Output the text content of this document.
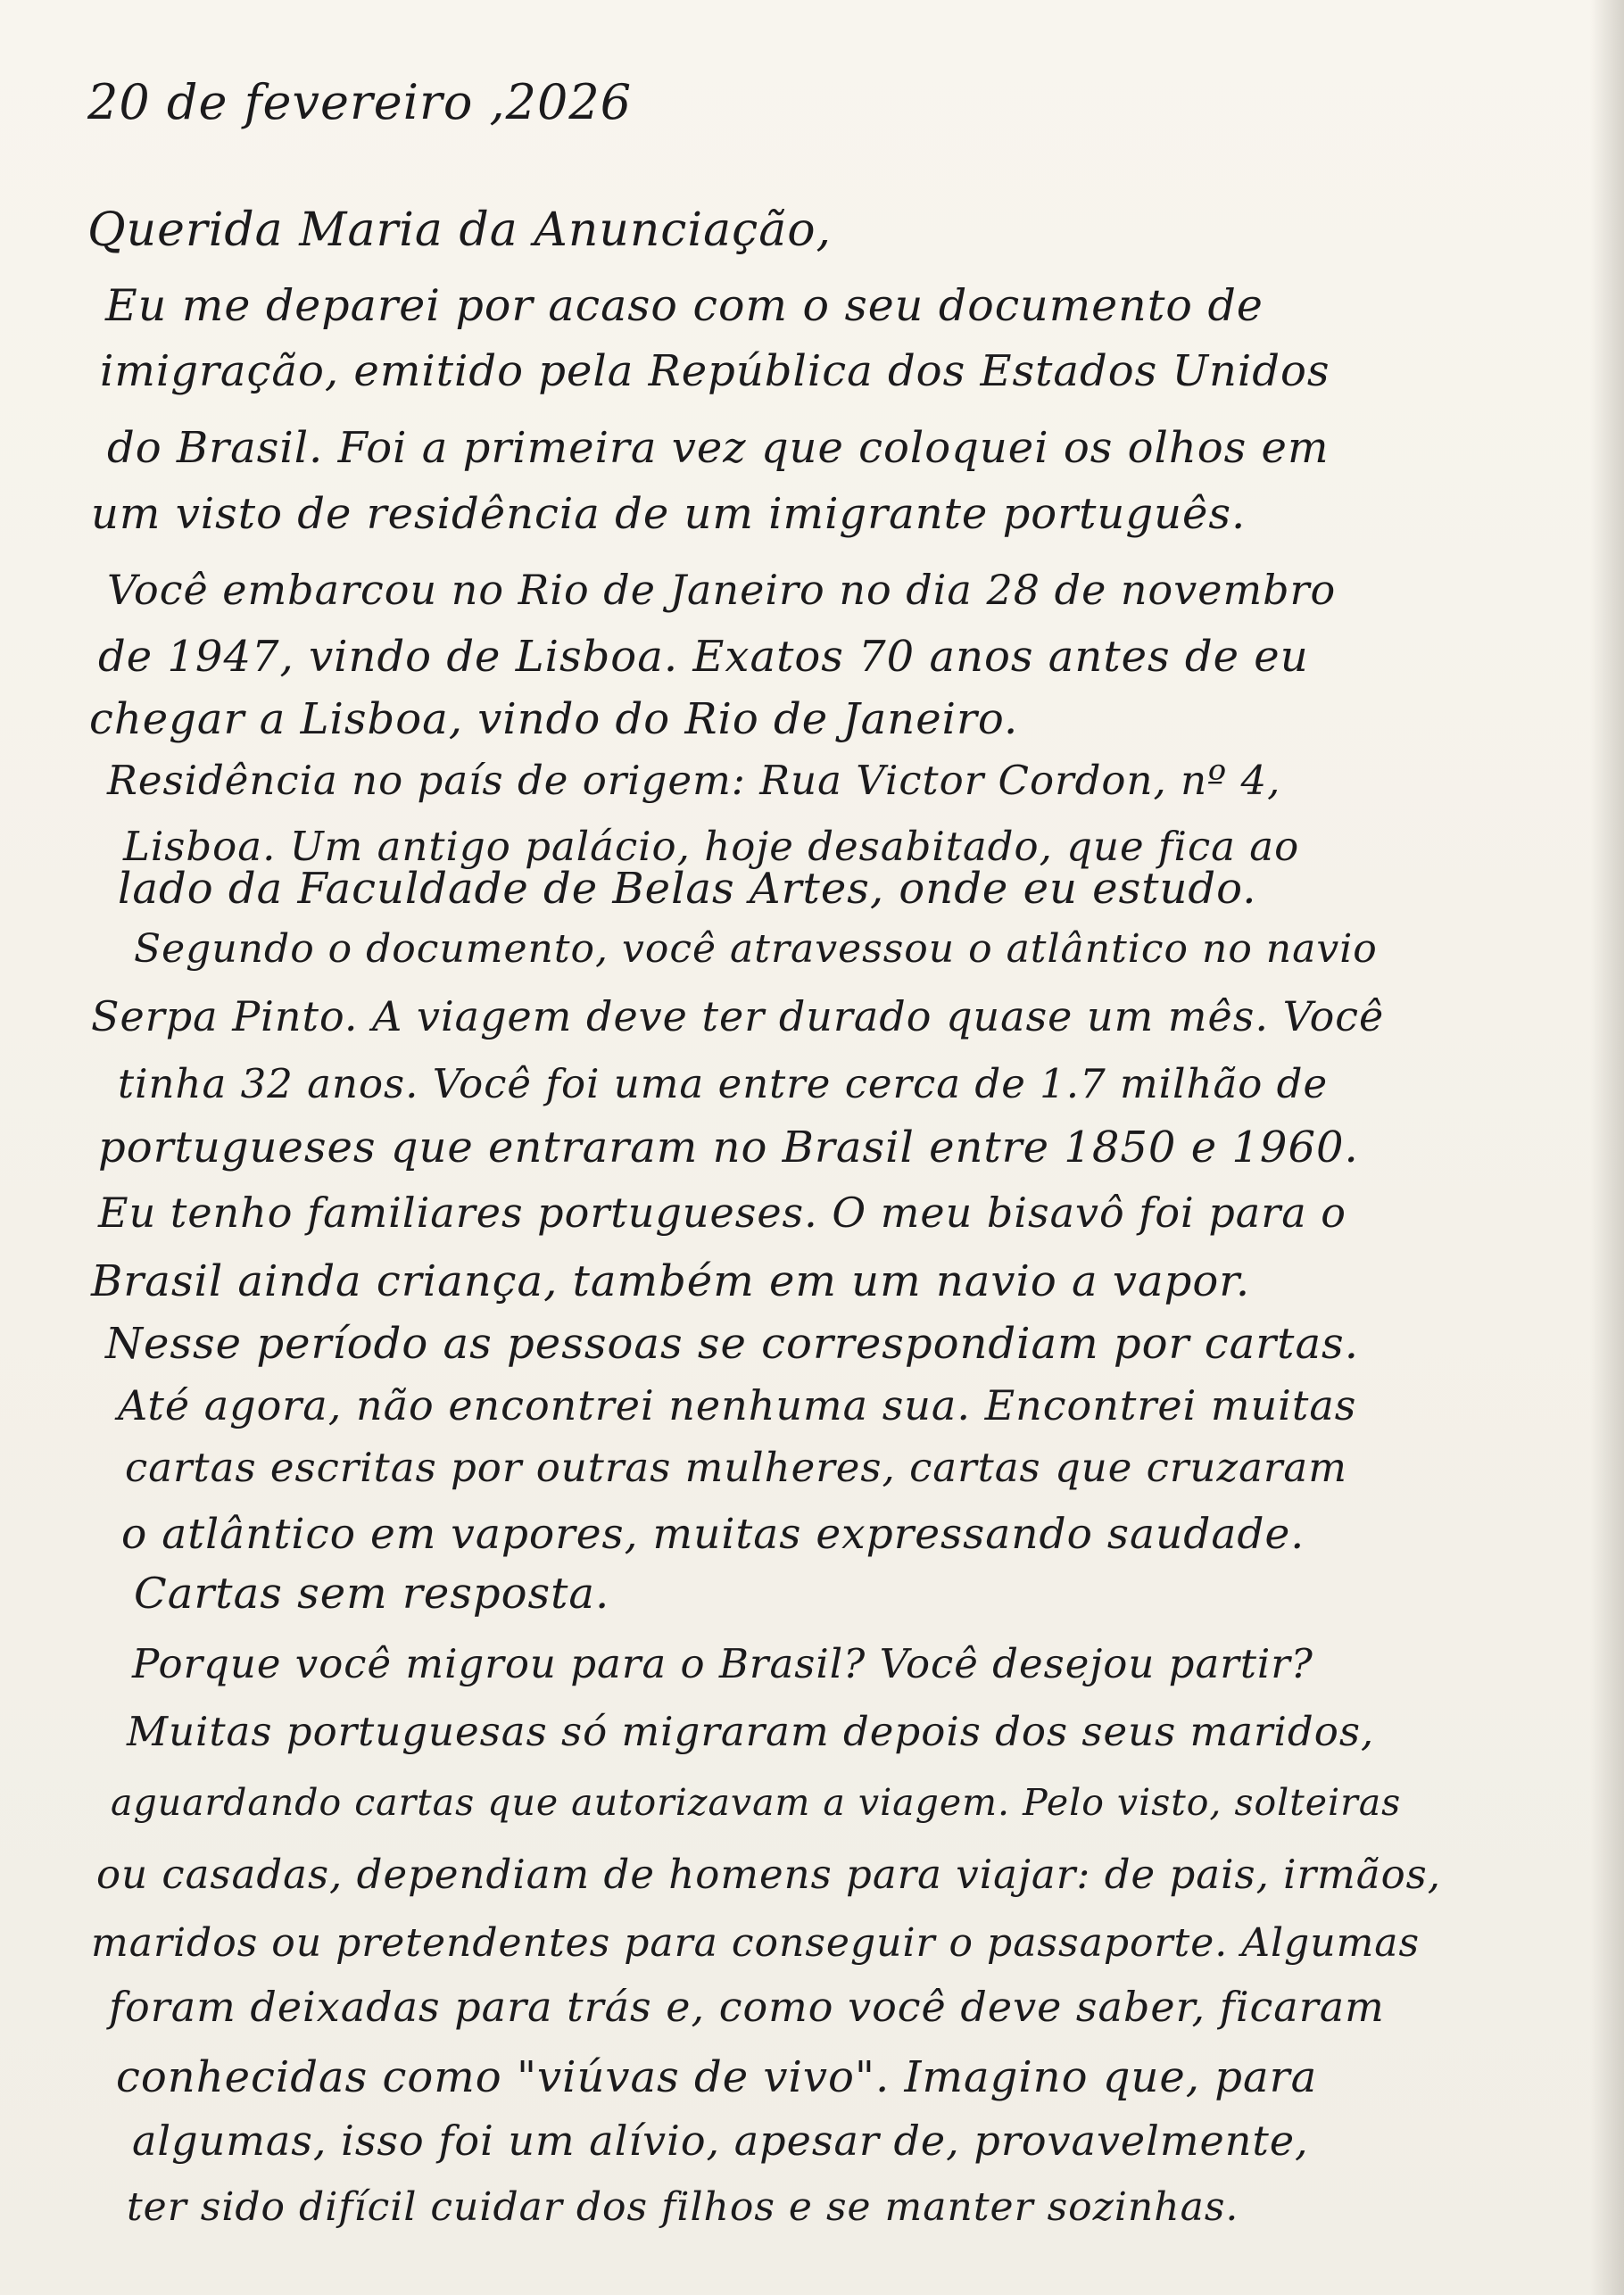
20 de fevereiro ,2026
Querida Maria da Anunciação,
Eu me deparei por acaso com o seu documento de
imigração, emitido pela República dos Estados Unidos
do Brasil. Foi a primeira vez que coloquei os olhos em
um visto de residência de um imigrante português.
Você embarcou no Rio de Janeiro no dia 28 de novembro
de 1947, vindo de Lisboa. Exatos 70 anos antes de eu
chegar a Lisboa, vindo do Rio de Janeiro.
Residência no país de origem: Rua Victor Cordon, nº 4,
Lisboa. Um antigo palácio, hoje desabitado, que fica ao
lado da Faculdade de Belas Artes, onde eu estudo.
Segundo o documento, você atravessou o atlântico no navio
Serpa Pinto. A viagem deve ter durado quase um mês. Você
tinha 32 anos. Você foi uma entre cerca de 1.7 milhão de
portugueses que entraram no Brasil entre 1850 e 1960.
Eu tenho familiares portugueses. O meu bisavô foi para o
Brasil ainda criança, também em um navio a vapor.
Nesse período as pessoas se correspondiam por cartas.
Até agora, não encontrei nenhuma sua. Encontrei muitas
cartas escritas por outras mulheres, cartas que cruzaram
o atlântico em vapores, muitas expressando saudade.
Cartas sem resposta.
Porque você migrou para o Brasil? Você desejou partir?
Muitas portuguesas só migraram depois dos seus maridos,
aguardando cartas que autorizavam a viagem. Pelo visto, solteiras
ou casadas, dependiam de homens para viajar: de pais, irmãos,
maridos ou pretendentes para conseguir o passaporte. Algumas
foram deixadas para trás e, como você deve saber, ficaram
conhecidas como "viúvas de vivo". Imagino que, para
algumas, isso foi um alívio, apesar de, provavelmente,
ter sido difícil cuidar dos filhos e se manter sozinhas.
